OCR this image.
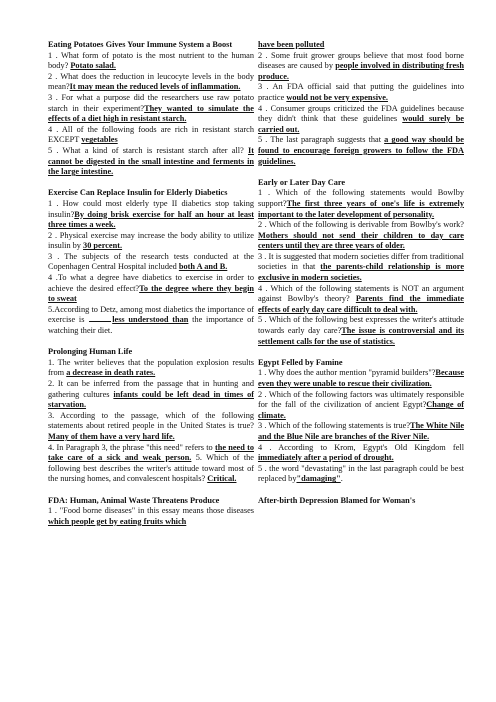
Eating Potatoes Gives Your Immune System a Boost

1 . What form of potato is the most nutrient to the human body? Potato salad.

2 . What does the reduction in leucocyte levels in the body mean?It may mean the reduced levels of inflammation.

3 . For what a purpose did the researchers use raw potato starch in their experiment?They wanted to simulate the effects of a diet high in resistant starch.

4 . All of the following foods are rich in resistant starch EXCEPT vegetables

5 . What a kind of starch is resistant starch after all? It cannot be digested in the small intestine and ferments in the large intestine.

Exercise Can Replace Insulin for Elderly Diabetics

1 . How could most elderly type II diabetics stop taking insulin?By doing brisk exercise for half an hour at least three times a week.

2 . Physical exercise may increase the body ability to utilize insulin by 30 percent.

3 . The subjects of the research tests conducted at the Copenhagen Central Hospital included both A and B.

4 .To what a degree have diabetics to exercise in order to achieve the desired effect?To the degree where they begin to sweat

5.According to Detz, among most diabetics the importance of exercise is	less understood than the importance of watching their diet.

Prolonging Human Life

1. The writer believes that the population explosion results from a decrease in death rates.

2. It can be inferred from the passage that in hunting and gathering cultures infants could be left dead in times of starvation.

3. According to the passage, which of the following statements about retired people in the United States is true? Many of them have a very hard life.

4. In Paragraph 3, the phrase "this need" refers to the need to take care of a sick and weak person. 5. Which of the following best describes the writer's attitude toward most of the nursing homes, and convalescent hospitals? Critical.

FDA: Human, Animal Waste Threatens Produce

1 . "Food borne diseases" in this essay means those diseases which people get by eating fruits which

have been polluted

2 . Some fruit grower groups believe that most food borne diseases are caused by people involved in distributing fresh produce.

3 . An FDA official said that putting the guidelines into practice would not be very expensive.

4 . Consumer groups criticized the FDA guidelines because they didn't think that these guidelines would surely be carried out.

5 . The last paragraph suggests that a good way should be found to encourage foreign growers to follow the FDA guidelines.

Early or Later Day Care

1 . Which of the following statements would Bowlby support?The first three years of one's life is extremely important to the later development of personality.

2 . Which of the following is derivable from Bowlby's work?Mothers should not send their children to day care centers until they are three years of older.

3 . It is suggested that modern societies differ from traditional societies in that the parents-child relationship is more exclusive in modern societies.

4 . Which of the following statements is NOT an argument against Bowlby's theory? Parents find the immediate effects of early day care difficult to deal with.

5 . Which of the following best expresses the writer's attitude towards early day care?The issue is controversial and its settlement calls for the use of statistics.

Egypt Felled by Famine

1 . Why does the author mention "pyramid builders"?Because even they were unable to rescue their civilization.

2 . Which of the following factors was ultimately responsible for the fall of the civilization of ancient Egypt?Change of climate.

3 . Which of the following statements is true?The White Nile and the Blue Nile are branches of the River Nile.

4 . According to Krom, Egypt's Old Kingdom fell immediately after a period of drought.

5 . the word "devastating" in the last paragraph could be best replaced by"damaging".

After-birth Depression Blamed for Woman's
